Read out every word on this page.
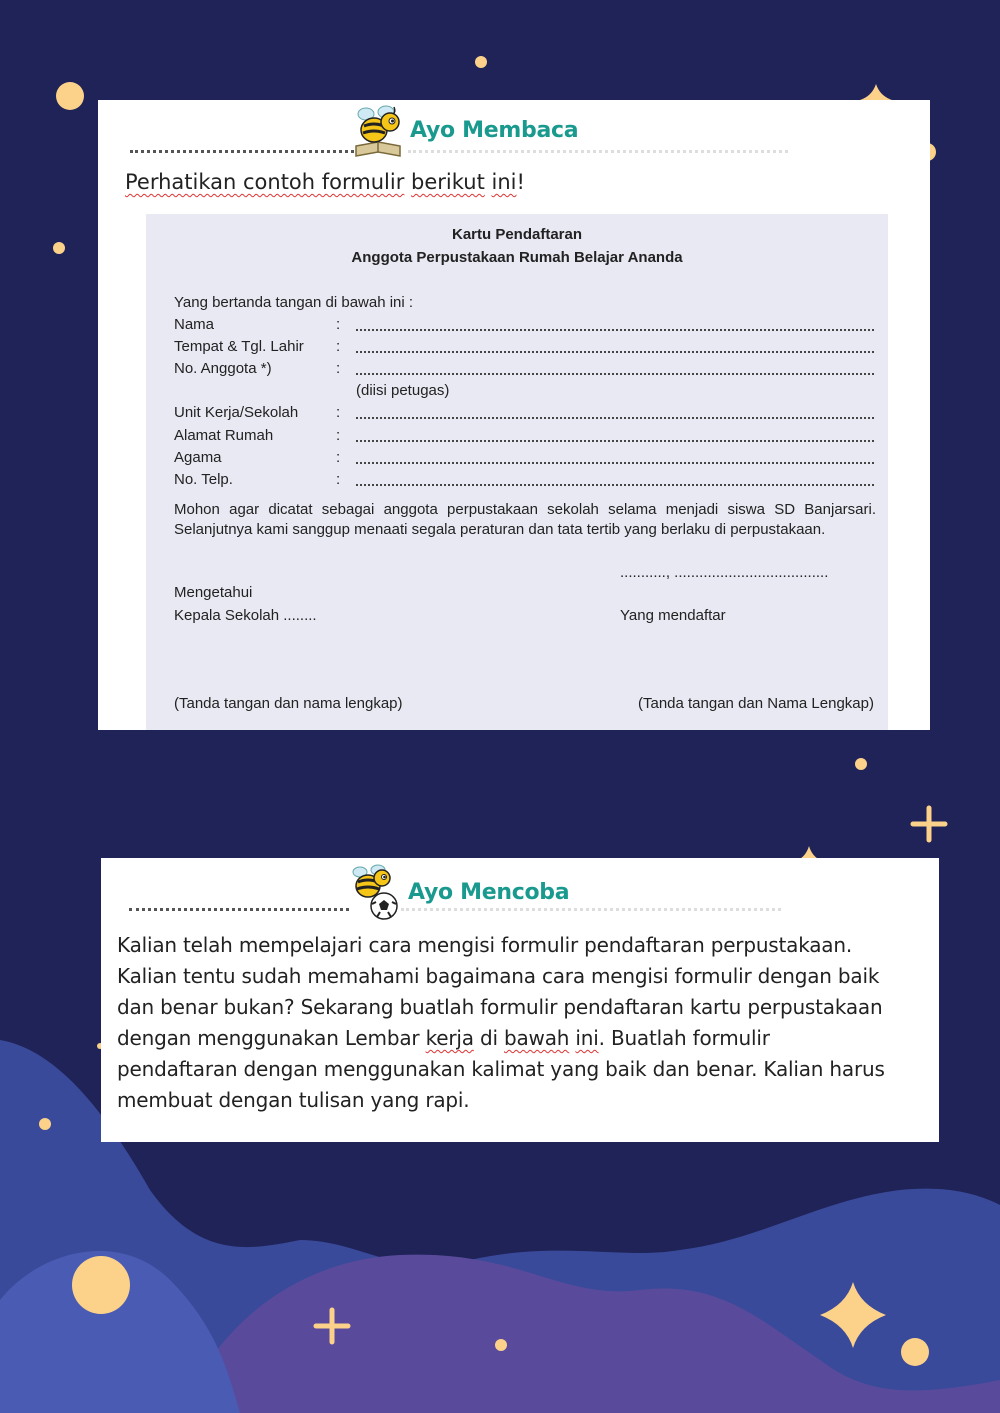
Ayo Membaca
Perhatikan contoh formulir berikut ini!
Kartu Pendaftaran
Anggota Perpustakaan Rumah Belajar Ananda
Yang bertanda tangan di bawah ini :
Nama	:
Tempat & Tgl. Lahir :
No. Anggota *)	:
(diisi petugas)
Unit Kerja/Sekolah	:
Alamat Rumah	:
Agama	:
No. Telp.	:
Mohon agar dicatat sebagai anggota perpustakaan sekolah selama menjadi siswa SD Banjarsari. Selanjutnya kami sanggup menaati segala peraturan dan tata tertib yang berlaku di perpustakaan.
..........., .....................................
Mengetahui
Kepala Sekolah ........	Yang mendaftar
(Tanda tangan dan nama lengkap)	(Tanda tangan dan Nama Lengkap)
Ayo Mencoba

Kalian telah mempelajari cara mengisi formulir pendaftaran perpustakaan.

Kalian tentu sudah memahami bagaimana cara mengisi formulir dengan baik

dan benar bukan? Sekarang buatlah formulir pendaftaran kartu perpustakaan

dengan menggunakan Lembar kerja di bawah ini. Buatlah formulir

pendaftaran dengan menggunakan kalimat yang baik dan benar. Kalian harus

membuat dengan tulisan yang rapi.
